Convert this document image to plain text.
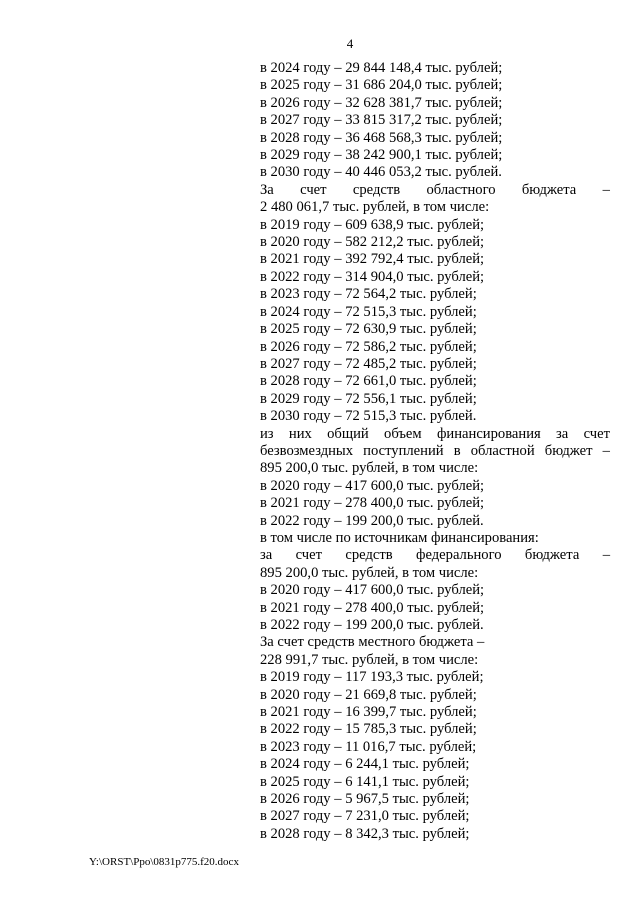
4
в 2024 году – 29 844 148,4 тыс. рублей;
в 2025 году – 31 686 204,0 тыс. рублей;
в 2026 году – 32 628 381,7 тыс. рублей;
в 2027 году – 33 815 317,2 тыс. рублей;
в 2028 году – 36 468 568,3 тыс. рублей;
в 2029 году – 38 242 900,1 тыс. рублей;
в 2030 году – 40 446 053,2 тыс. рублей.
За счет средств областного бюджета –
2 480 061,7 тыс. рублей, в том числе:
в 2019 году – 609 638,9 тыс. рублей;
в 2020 году – 582 212,2 тыс. рублей;
в 2021 году – 392 792,4 тыс. рублей;
в 2022 году – 314 904,0 тыс. рублей;
в 2023 году – 72 564,2 тыс. рублей;
в 2024 году – 72 515,3 тыс. рублей;
в 2025 году – 72 630,9 тыс. рублей;
в 2026 году – 72 586,2 тыс. рублей;
в 2027 году – 72 485,2 тыс. рублей;
в 2028 году – 72 661,0 тыс. рублей;
в 2029 году – 72 556,1 тыс. рублей;
в 2030 году – 72 515,3 тыс. рублей.
из них общий объем финансирования за счет
безвозмездных поступлений в областной бюджет –
895 200,0 тыс. рублей, в том числе:
в 2020 году – 417 600,0 тыс. рублей;
в 2021 году – 278 400,0 тыс. рублей;
в 2022 году – 199 200,0 тыс. рублей.
в том числе по источникам финансирования:
за счет средств федерального бюджета –
895 200,0 тыс. рублей, в том числе:
в 2020 году – 417 600,0 тыс. рублей;
в 2021 году – 278 400,0 тыс. рублей;
в 2022 году – 199 200,0 тыс. рублей.
За счет средств местного бюджета –
228 991,7 тыс. рублей, в том числе:
в 2019 году – 117 193,3 тыс. рублей;
в 2020 году – 21 669,8 тыс. рублей;
в 2021 году – 16 399,7 тыс. рублей;
в 2022 году – 15 785,3 тыс. рублей;
в 2023 году – 11 016,7 тыс. рублей;
в 2024 году – 6 244,1 тыс. рублей;
в 2025 году – 6 141,1 тыс. рублей;
в 2026 году – 5 967,5 тыс. рублей;
в 2027 году – 7 231,0 тыс. рублей;
в 2028 году – 8 342,3 тыс. рублей;
Y:\ORST\Ppo\0831p775.f20.docx
